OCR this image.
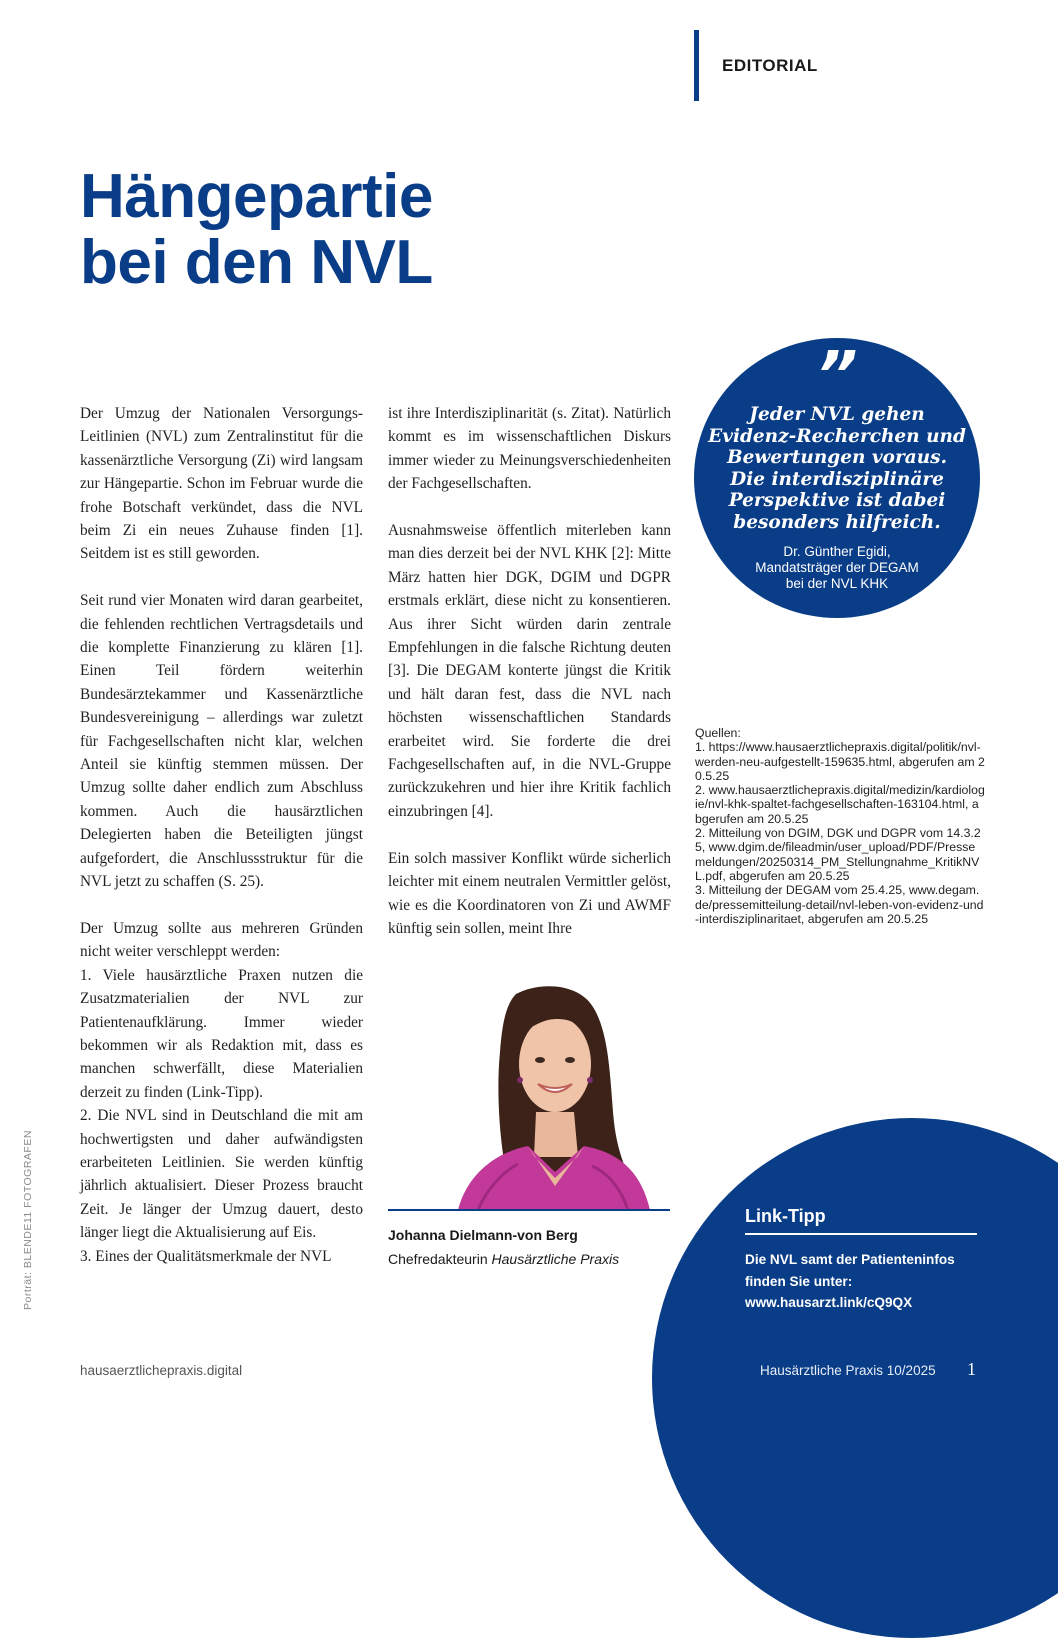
EDITORIAL
Hängepartie
bei den NVL

Der Umzug der Nationalen Versorgungs-Leitlinien (NVL) zum Zentralinstitut für die kassenärztliche Versorgung (Zi) wird langsam zur Hängepartie. Schon im Februar wurde die frohe Botschaft verkündet, dass die NVL beim Zi ein neues Zuhause finden [1]. Seitdem ist es still geworden.

Seit rund vier Monaten wird daran gearbeitet, die fehlenden rechtlichen Vertragsdetails und die komplette Finanzierung zu klären [1]. Einen Teil fördern weiterhin Bundesärztekammer und Kassenärztliche Bundesvereinigung – allerdings war zuletzt für Fachgesellschaften nicht klar, welchen Anteil sie künftig stemmen müssen. Der Umzug sollte daher endlich zum Abschluss kommen. Auch die hausärztlichen Delegierten haben die Beteiligten jüngst aufgefordert, die Anschlussstruktur für die NVL jetzt zu schaffen (S. 25).

Der Umzug sollte aus mehreren Gründen nicht weiter verschleppt werden:

1. Viele hausärztliche Praxen nutzen die Zusatzmaterialien der NVL zur Patientenaufklärung. Immer wieder bekommen wir als Redaktion mit, dass es manchen schwerfällt, diese Materialien derzeit zu finden (Link-Tipp).

2. Die NVL sind in Deutschland die mit am hochwertigsten und daher aufwändigsten erarbeiteten Leitlinien. Sie werden künftig jährlich aktualisiert. Dieser Prozess braucht Zeit. Je länger der Umzug dauert, desto länger liegt die Aktualisierung auf Eis.

3. Eines der Qualitätsmerkmale der NVL

ist ihre Interdisziplinarität (s. Zitat). Natürlich kommt es im wissenschaftlichen Diskurs immer wieder zu Meinungsverschiedenheiten der Fachgesellschaften.

Ausnahmsweise öffentlich miterleben kann man dies derzeit bei der NVL KHK [2]: Mitte März hatten hier DGK, DGIM und DGPR erstmals erklärt, diese nicht zu konsentieren. Aus ihrer Sicht würden darin zentrale Empfehlungen in die falsche Richtung deuten [3]. Die DEGAM konterte jüngst die Kritik und hält daran fest, dass die NVL nach höchsten wissenschaftlichen Standards erarbeitet wird. Sie forderte die drei Fachgesellschaften auf, in die NVL-Gruppe zurückzukehren und hier ihre Kritik fachlich einzubringen [4].

Ein solch massiver Konflikt würde sicherlich leichter mit einem neutralen Vermittler gelöst, wie es die Koordinatoren von Zi und AWMF künftig sein sollen, meint Ihre

”
Jeder NVL gehen Evidenz-Recherchen und Bewertungen voraus. Die interdisziplinäre Perspektive ist dabei besonders hilfreich.
Dr. Günther Egidi,
Mandatsträger der DEGAM
bei der NVL KHK
Quellen:
1. https://www.hausaerztlichepraxis.digital/politik/nvl-werden-neu-aufgestellt-159635.html, abgerufen am 20.5.25
2. www.hausaerztlichepraxis.digital/medizin/kardiologie/nvl-khk-spaltet-fachgesellschaften-163104.html, abgerufen am 20.5.25
2. Mitteilung von DGIM, DGK und DGPR vom 14.3.25, www.dgim.de/fileadmin/user_upload/PDF/Pressemeldungen/20250314_PM_Stellungnahme_KritikNVL.pdf, abgerufen am 20.5.25
3. Mitteilung der DEGAM vom 25.4.25, www.degam.de/pressemitteilung-detail/nvl-leben-von-evidenz-und-interdisziplinaritaet, abgerufen am 20.5.25
Johanna Dielmann-von Berg
Chefredakteurin Hausärztliche Praxis
Link-Tipp
Die NVL samt der Patienteninfos
finden Sie unter:
www.hausarzt.link/cQ9QX
Porträt: BLENDE11 FOTOGRAFEN
hausaerztlichepraxis.digital	Hausärztliche Praxis 10/2025 1
